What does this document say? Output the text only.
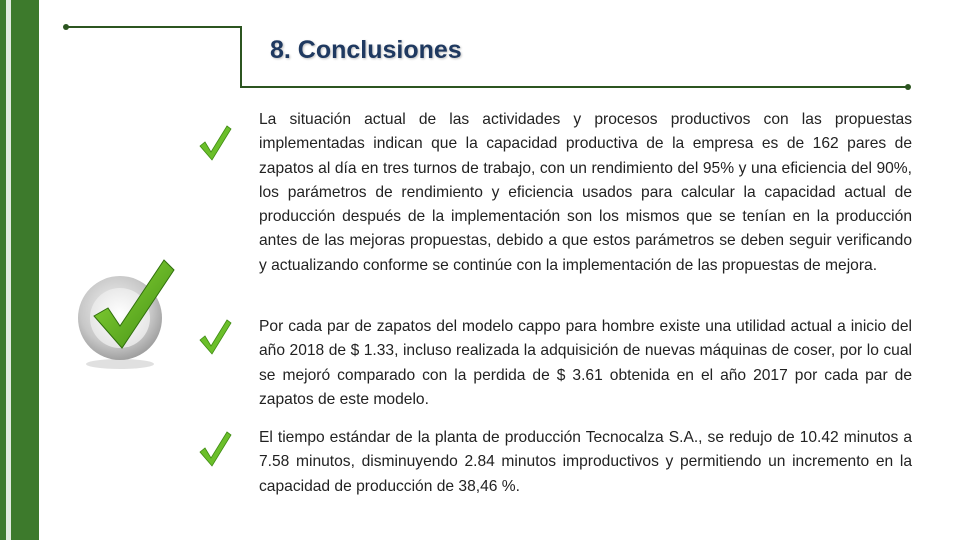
8. Conclusiones

La situación actual de las actividades y procesos productivos con las propuestas implementadas indican que la capacidad productiva de la empresa es de 162 pares de zapatos al día en tres turnos de trabajo, con un rendimiento del 95% y una eficiencia del 90%, los parámetros de rendimiento y eficiencia usados para calcular la capacidad actual de producción después de la implementación son los mismos que se tenían en la producción antes de las mejoras propuestas, debido a que estos parámetros se deben seguir verificando y actualizando conforme se continúe con la implementación de las propuestas de mejora.

Por cada par de zapatos del modelo cappo para hombre existe una utilidad actual a inicio del año 2018 de $ 1.33, incluso realizada la adquisición de nuevas máquinas de coser, por lo cual se mejoró comparado con la perdida de $ 3.61 obtenida en el año 2017 por cada par de zapatos de este modelo.

El tiempo estándar de la planta de producción Tecnocalza S.A., se redujo de 10.42 minutos a 7.58 minutos, disminuyendo 2.84 minutos improductivos y permitiendo un incremento en la capacidad de producción de 38,46 %.
